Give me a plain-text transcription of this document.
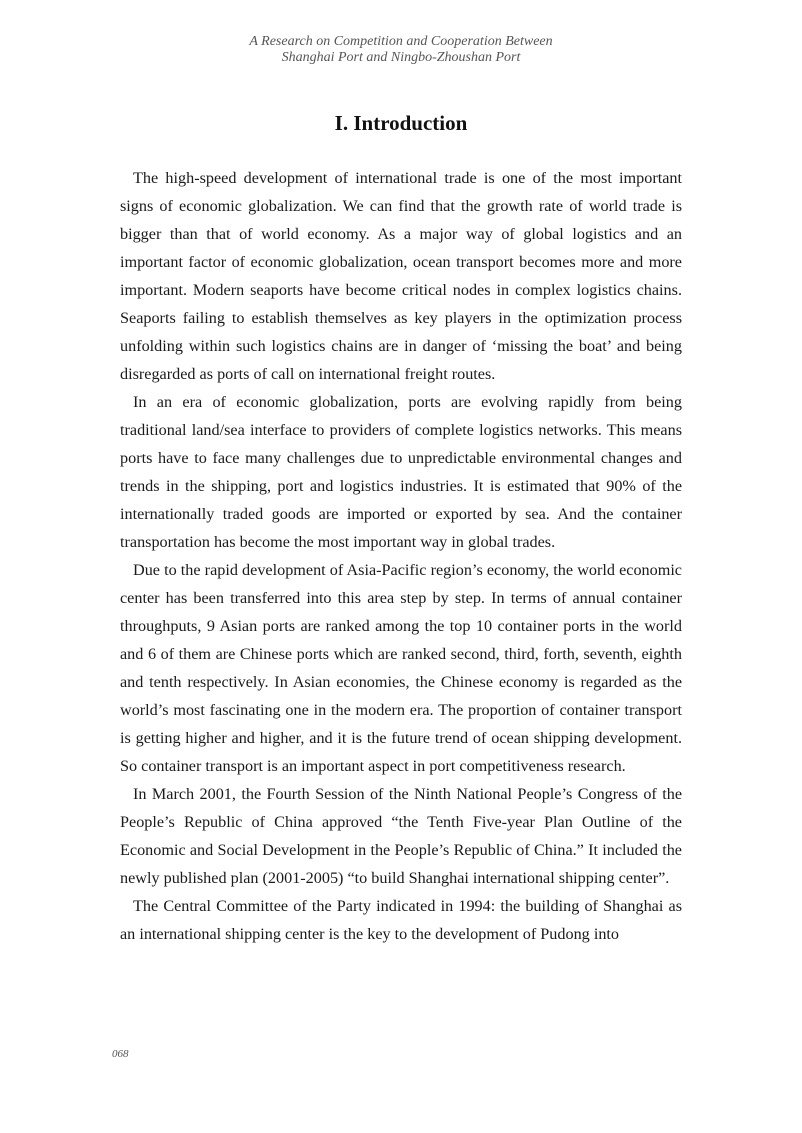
A Research on Competition and Cooperation Between
Shanghai Port and Ningbo-Zhoushan Port
I. Introduction

The high-speed development of international trade is one of the most important signs of economic globalization. We can find that the growth rate of world trade is bigger than that of world economy. As a major way of global logistics and an important factor of economic globalization, ocean transport becomes more and more important. Modern seaports have become critical nodes in complex logistics chains. Seaports failing to establish themselves as key players in the optimization process unfolding within such logistics chains are in danger of ‘missing the boat’ and being disregarded as ports of call on international freight routes.

In an era of economic globalization, ports are evolving rapidly from being traditional land/sea interface to providers of complete logistics networks. This means ports have to face many challenges due to unpredictable environmental changes and trends in the shipping, port and logistics industries. It is estimated that 90% of the internationally traded goods are imported or exported by sea. And the container transportation has become the most important way in global trades.

Due to the rapid development of Asia-Pacific region’s economy, the world economic center has been transferred into this area step by step. In terms of annual container throughputs, 9 Asian ports are ranked among the top 10 container ports in the world and 6 of them are Chinese ports which are ranked second, third, forth, seventh, eighth and tenth respectively. In Asian economies, the Chinese economy is regarded as the world’s most fascinating one in the modern era. The proportion of container transport is getting higher and higher, and it is the future trend of ocean shipping development. So container transport is an important aspect in port competitiveness research.

In March 2001, the Fourth Session of the Ninth National People’s Congress of the People’s Republic of China approved “the Tenth Five-year Plan Outline of the Economic and Social Development in the People’s Republic of China.” It included the newly published plan (2001-2005) “to build Shanghai international shipping center”.

The Central Committee of the Party indicated in 1994: the building of Shanghai as an international shipping center is the key to the development of Pudong into

068
